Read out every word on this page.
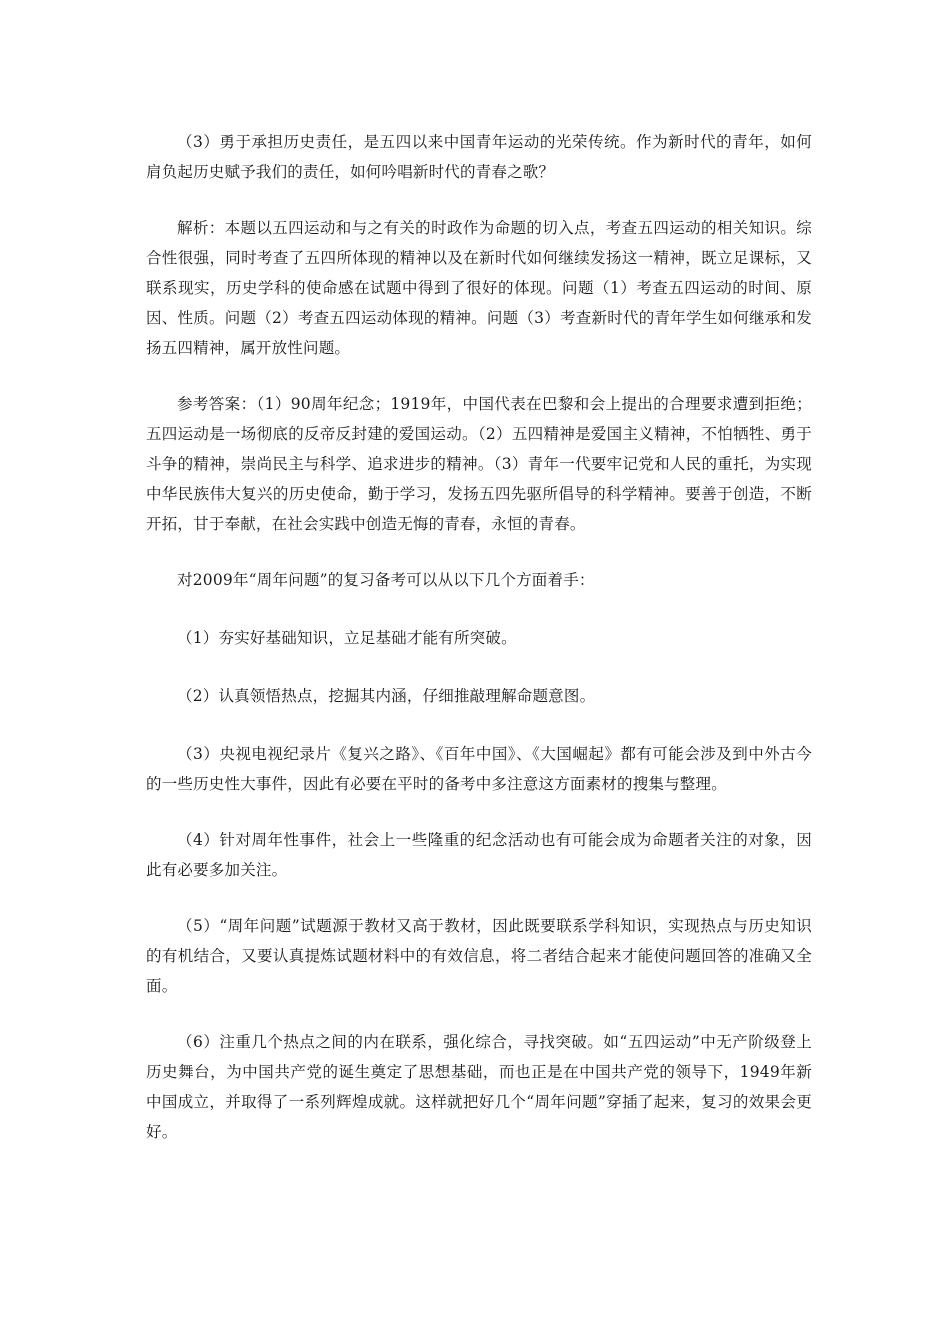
（3）勇于承担历史责任，是五四以来中国青年运动的光荣传统。作为新时代的青年，如何肩负起历史赋予我们的责任，如何吟唱新时代的青春之歌？

解析：本题以五四运动和与之有关的时政作为命题的切入点，考查五四运动的相关知识。综合性很强，同时考查了五四所体现的精神以及在新时代如何继续发扬这一精神，既立足课标，又联系现实，历史学科的使命感在试题中得到了很好的体现。问题（1）考查五四运动的时间、原因、性质。问题（2）考查五四运动体现的精神。问题（3）考查新时代的青年学生如何继承和发扬五四精神，属开放性问题。

参考答案：（1）90周年纪念；1919年，中国代表在巴黎和会上提出的合理要求遭到拒绝；五四运动是一场彻底的反帝反封建的爱国运动。（2）五四精神是爱国主义精神，不怕牺牲、勇于斗争的精神，崇尚民主与科学、追求进步的精神。（3）青年一代要牢记党和人民的重托，为实现中华民族伟大复兴的历史使命，勤于学习，发扬五四先驱所倡导的科学精神。要善于创造，不断开拓，甘于奉献，在社会实践中创造无悔的青春，永恒的青春。

对2009年“周年问题”的复习备考可以从以下几个方面着手：

（1）夯实好基础知识，立足基础才能有所突破。

（2）认真领悟热点，挖掘其内涵，仔细推敲理解命题意图。

（3）央视电视纪录片《复兴之路》、《百年中国》、《大国崛起》都有可能会涉及到中外古今的一些历史性大事件，因此有必要在平时的备考中多注意这方面素材的搜集与整理。

（4）针对周年性事件，社会上一些隆重的纪念活动也有可能会成为命题者关注的对象，因此有必要多加关注。

（5）“周年问题”试题源于教材又高于教材，因此既要联系学科知识，实现热点与历史知识的有机结合，又要认真提炼试题材料中的有效信息，将二者结合起来才能使问题回答的准确又全面。

（6）注重几个热点之间的内在联系，强化综合，寻找突破。如“五四运动”中无产阶级登上历史舞台，为中国共产党的诞生奠定了思想基础，而也正是在中国共产党的领导下，1949年新中国成立，并取得了一系列辉煌成就。这样就把好几个“周年问题”穿插了起来，复习的效果会更好。
